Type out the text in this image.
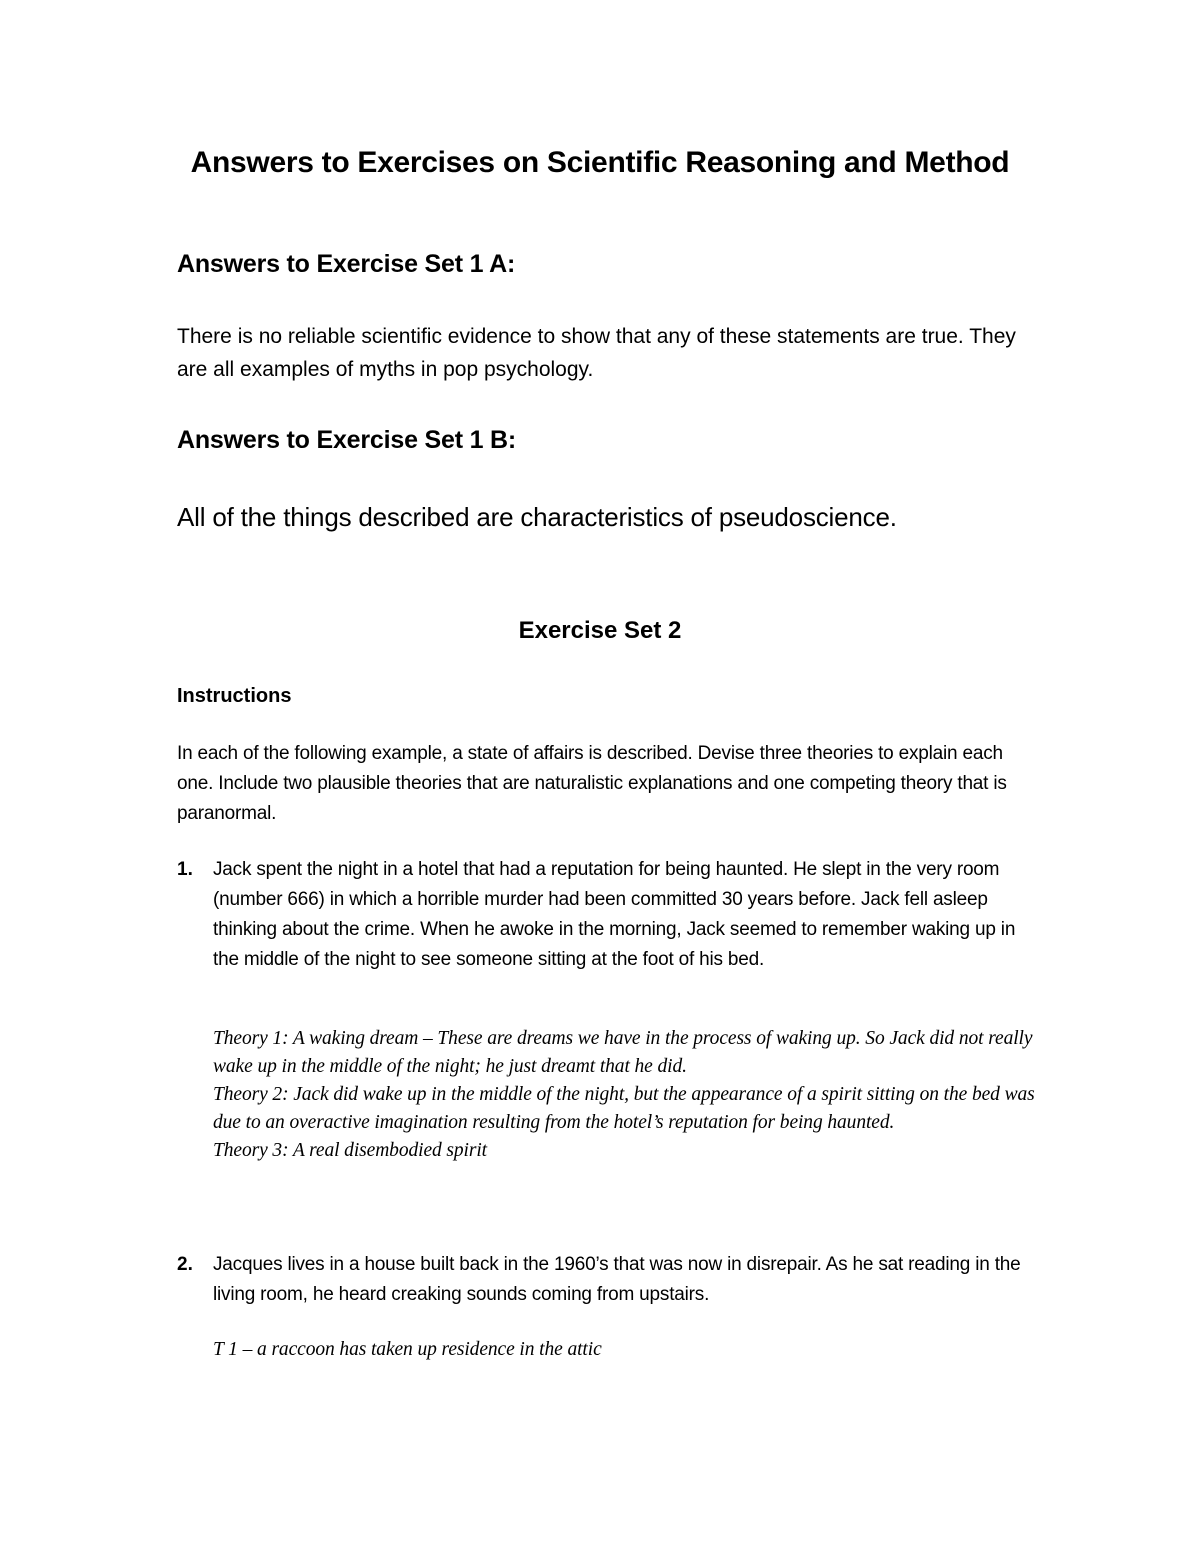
Answers to Exercises on Scientific Reasoning and Method
Answers to Exercise Set 1 A:

There is no reliable scientific evidence to show that any of these statements are true. They are all examples of myths in pop psychology.

Answers to Exercise Set 1 B:

All of the things described are characteristics of pseudoscience.

Exercise Set 2
Instructions

In each of the following example, a state of affairs is described. Devise three theories to explain each one. Include two plausible theories that are naturalistic explanations and one competing theory that is paranormal.

1. Jack spent the night in a hotel that had a reputation for being haunted. He slept in the very room (number 666) in which a horrible murder had been committed 30 years before. Jack fell asleep thinking about the crime. When he awoke in the morning, Jack seemed to remember waking up in the middle of the night to see someone sitting at the foot of his bed.
Theory 1: A waking dream – These are dreams we have in the process of waking up. So Jack did not really wake up in the middle of the night; he just dreamt that he did.
Theory 2: Jack did wake up in the middle of the night, but the appearance of a spirit sitting on the bed was due to an overactive imagination resulting from the hotel’s reputation for being haunted.
Theory 3: A real disembodied spirit
2. Jacques lives in a house built back in the 1960’s that was now in disrepair. As he sat reading in the living room, he heard creaking sounds coming from upstairs.
T 1 – a raccoon has taken up residence in the attic
